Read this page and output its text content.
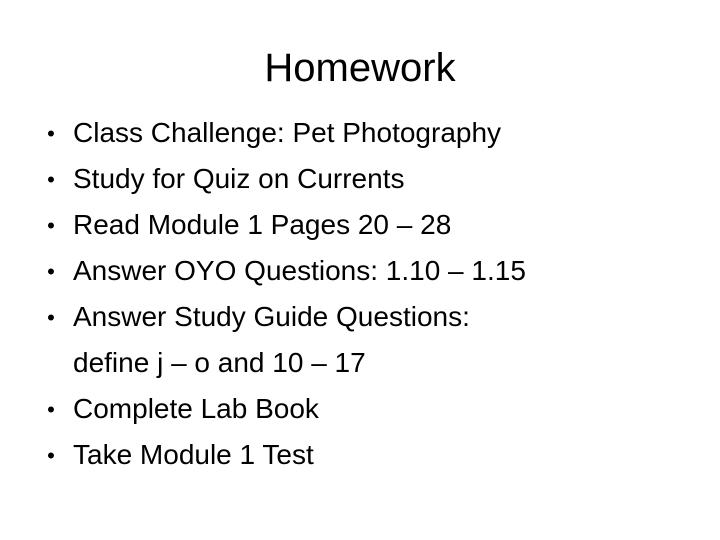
Homework
• Class Challenge: Pet Photography
• Study for Quiz on Currents
• Read Module 1 Pages 20 – 28
• Answer OYO Questions: 1.10 – 1.15
• Answer Study Guide Questions:
define j – o and 10 – 17
• Complete Lab Book
• Take Module 1 Test
